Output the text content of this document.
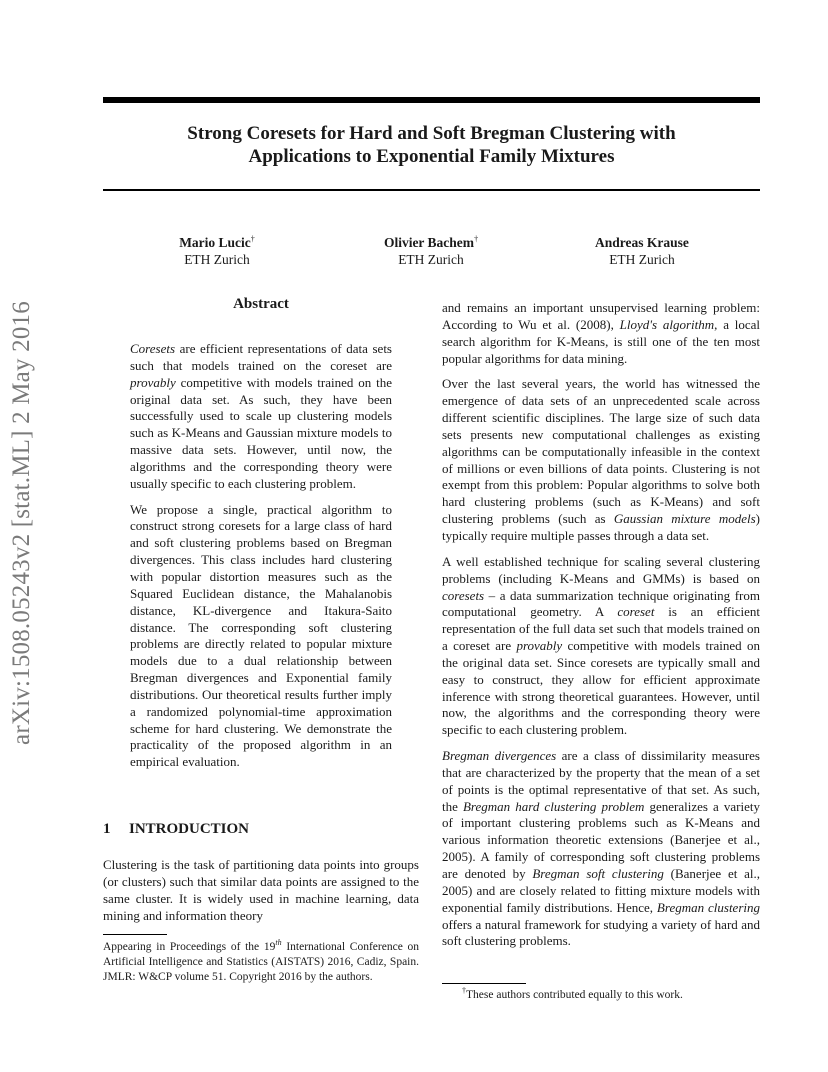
arXiv:1508.05243v2 [stat.ML] 2 May 2016
Strong Coresets for Hard and Soft Bregman Clustering with
Applications to Exponential Family Mixtures
Mario Lucic†
ETH Zurich
Olivier Bachem†
ETH Zurich
Andreas Krause
ETH Zurich
Abstract

Coresets are efficient representations of data sets such that models trained on the coreset are provably competitive with models trained on the original data set. As such, they have been successfully used to scale up clustering models such as K-Means and Gaussian mixture models to massive data sets. However, until now, the algorithms and the corresponding theory were usually specific to each clustering problem.

We propose a single, practical algorithm to construct strong coresets for a large class of hard and soft clustering problems based on Bregman divergences. This class includes hard clustering with popular distortion measures such as the Squared Euclidean distance, the Mahalanobis distance, KL-divergence and Itakura-Saito distance. The corresponding soft clustering problems are directly related to popular mixture models due to a dual relationship between Bregman divergences and Exponential family distributions. Our theoretical results further imply a randomized polynomial-time approximation scheme for hard clustering. We demonstrate the practicality of the proposed algorithm in an empirical evaluation.

1 INTRODUCTION

Clustering is the task of partitioning data points into groups (or clusters) such that similar data points are assigned to the same cluster. It is widely used in machine learning, data mining and information theory

Appearing in Proceedings of the 19th International Conference on Artificial Intelligence and Statistics (AISTATS) 2016, Cadiz, Spain. JMLR: W&CP volume 51. Copyright 2016 by the authors.

and remains an important unsupervised learning problem: According to Wu et al. (2008), Lloyd's algorithm, a local search algorithm for K-Means, is still one of the ten most popular algorithms for data mining.

Over the last several years, the world has witnessed the emergence of data sets of an unprecedented scale across different scientific disciplines. The large size of such data sets presents new computational challenges as existing algorithms can be computationally infeasible in the context of millions or even billions of data points. Clustering is not exempt from this problem: Popular algorithms to solve both hard clustering problems (such as K-Means) and soft clustering problems (such as Gaussian mixture models) typically require multiple passes through a data set.

A well established technique for scaling several clustering problems (including K-Means and GMMs) is based on coresets – a data summarization technique originating from computational geometry. A coreset is an efficient representation of the full data set such that models trained on a coreset are provably competitive with models trained on the original data set. Since coresets are typically small and easy to construct, they allow for efficient approximate inference with strong theoretical guarantees. However, until now, the algorithms and the corresponding theory were specific to each clustering problem.

Bregman divergences are a class of dissimilarity measures that are characterized by the property that the mean of a set of points is the optimal representative of that set. As such, the Bregman hard clustering problem generalizes a variety of important clustering problems such as K-Means and various information theoretic extensions (Banerjee et al., 2005). A family of corresponding soft clustering problems are denoted by Bregman soft clustering (Banerjee et al., 2005) and are closely related to fitting mixture models with exponential family distributions. Hence, Bregman clustering offers a natural framework for studying a variety of hard and soft clustering problems.

†These authors contributed equally to this work.
